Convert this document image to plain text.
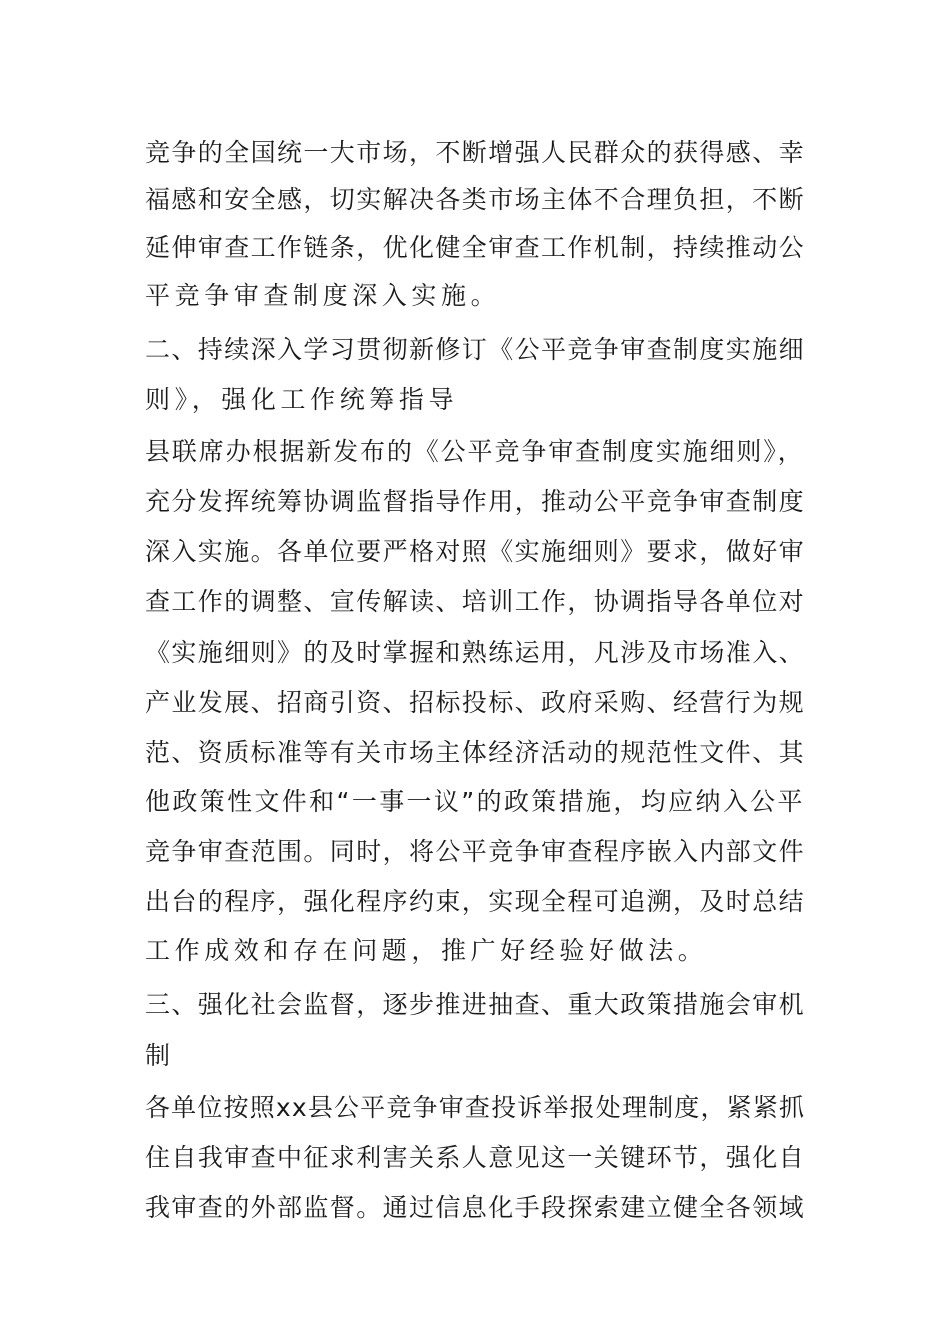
竞争的全国统一大市场，不断增强人民群众的获得感、幸
福感和安全感，切实解决各类市场主体不合理负担，不断
延伸审查工作链条，优化健全审查工作机制，持续推动公
平竞争审查制度深入实施。
二、持续深入学习贯彻新修订《公平竞争审查制度实施细
则》，强化工作统筹指导
县联席办根据新发布的《公平竞争审查制度实施细则》，
充分发挥统筹协调监督指导作用，推动公平竞争审查制度
深入实施。各单位要严格对照《实施细则》要求，做好审
查工作的调整、宣传解读、培训工作，协调指导各单位对
《实施细则》的及时掌握和熟练运用，凡涉及市场准入、
产业发展、招商引资、招标投标、政府采购、经营行为规
范、资质标准等有关市场主体经济活动的规范性文件、其
他政策性文件和“一事一议”的政策措施，均应纳入公平
竞争审查范围。同时，将公平竞争审查程序嵌入内部文件
出台的程序，强化程序约束，实现全程可追溯，及时总结
工作成效和存在问题，推广好经验好做法。
三、强化社会监督，逐步推进抽查、重大政策措施会审机
制
各单位按照xx县公平竞争审查投诉举报处理制度，紧紧抓
住自我审查中征求利害关系人意见这一关键环节，强化自
我审查的外部监督。通过信息化手段探索建立健全各领域
